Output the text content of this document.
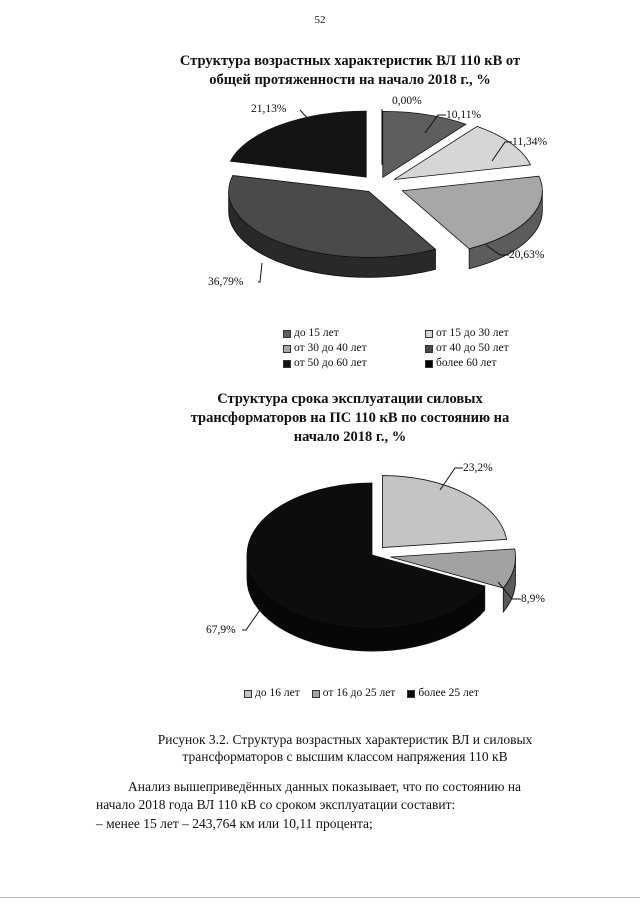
52
Структура возрастных характеристик ВЛ 110 кВ от
общей протяженности на начало 2018 г., %
10,11%
11,34%
20,63%
36,79%
21,13%
0,00%
до 15 лет	от 15 до 30 лет
от 30 до 40 лет	от 40 до 50 лет
от 50 до 60 лет	более 60 лет
Структура срока эксплуатации силовых
трансформаторов на ПС 110 кВ по состоянию на
начало 2018 г., %
23,2%
8,9%
67,9%
до 16 лет от 16 до 25 лет более 25 лет
Рисунок 3.2. Структура возрастных характеристик ВЛ и силовых
трансформаторов с высшим классом напряжения 110 кВ
Анализ вышеприведённых данных показывает, что по состоянию на
начало 2018 года ВЛ 110 кВ со сроком эксплуатации составит:
– менее 15 лет – 243,764 км или 10,11 процента;
